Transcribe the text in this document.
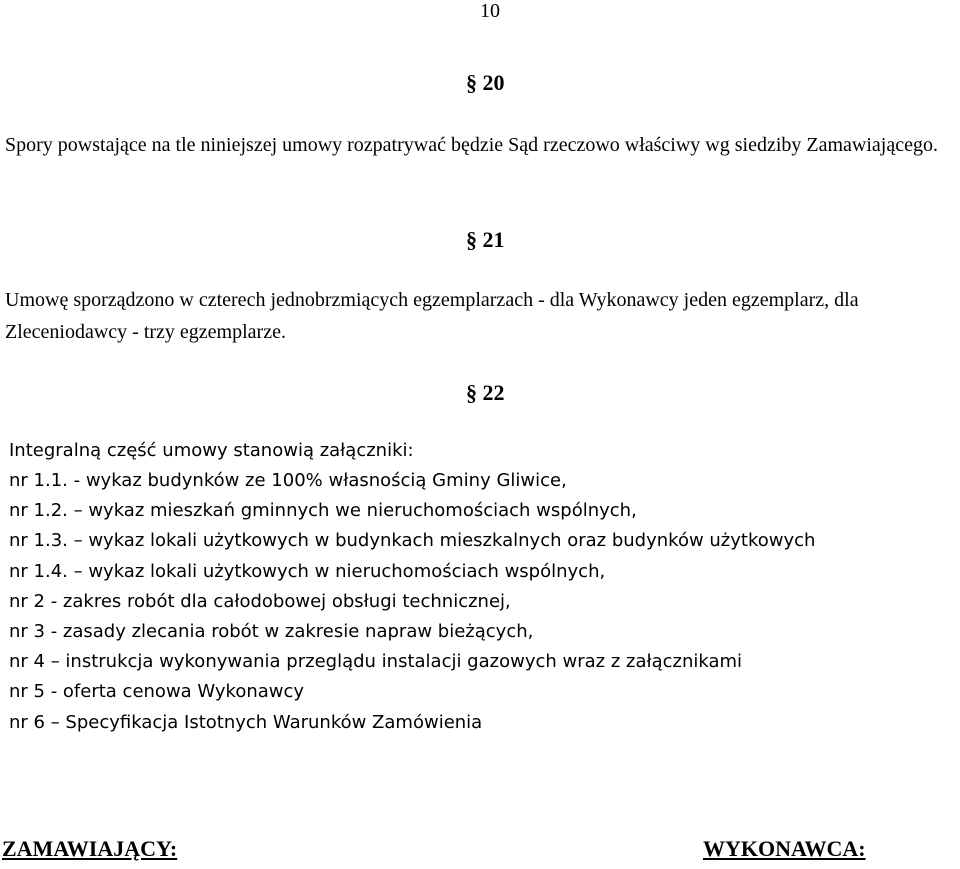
10
§ 20
Spory powstające na tle niniejszej umowy rozpatrywać będzie Sąd rzeczowo właściwy wg siedziby Zamawiającego.
§ 21
Umowę sporządzono w czterech jednobrzmiących egzemplarzach - dla Wykonawcy jeden egzemplarz, dla Zleceniodawcy - trzy egzemplarze.
§ 22
Integralną część umowy stanowią załączniki:
nr 1.1. - wykaz budynków ze 100% własnością Gminy Gliwice,
nr 1.2. – wykaz mieszkań gminnych we nieruchomościach wspólnych,
nr 1.3. – wykaz lokali użytkowych w budynkach mieszkalnych oraz budynków użytkowych
nr 1.4. – wykaz lokali użytkowych w nieruchomościach wspólnych,
nr 2 - zakres robót dla całodobowej obsługi technicznej,
nr 3 - zasady zlecania robót w zakresie napraw bieżących,
nr 4 – instrukcja wykonywania przeglądu instalacji gazowych wraz z załącznikami
nr 5 - oferta cenowa Wykonawcy
nr 6 – Specyfikacja Istotnych Warunków Zamówienia
ZAMAWIAJĄCY:	WYKONAWCA:
